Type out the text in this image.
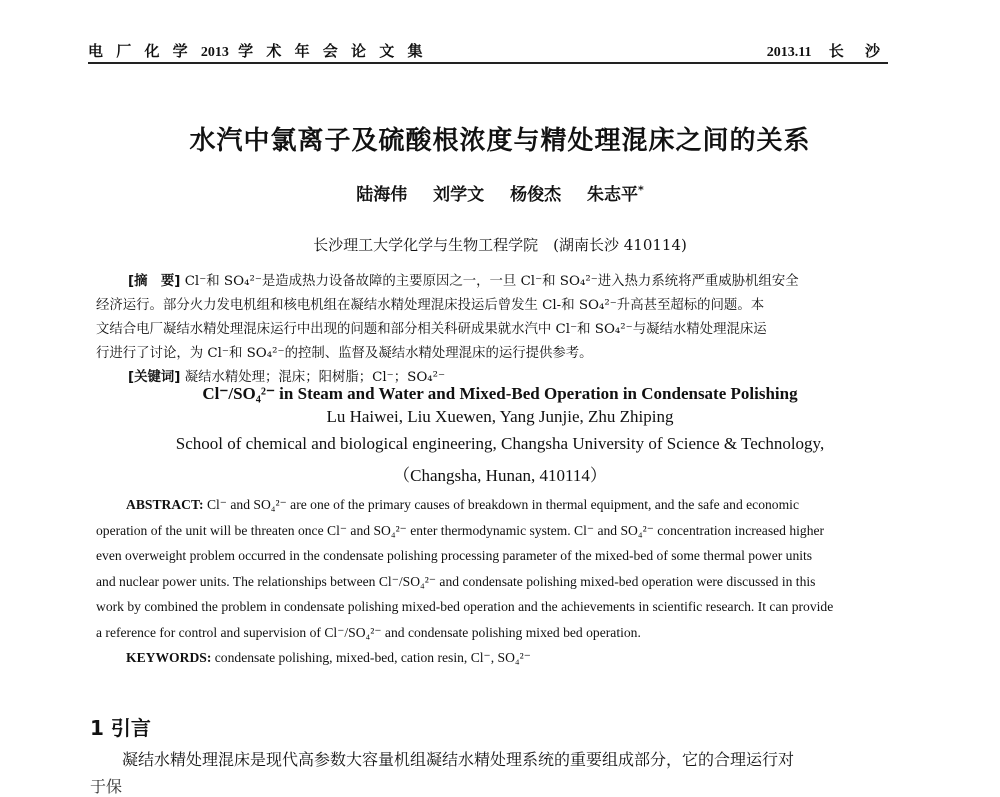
电 厂 化 学 2013 学 术 年 会 论 文 集	2013.11 长 沙
水汽中氯离子及硫酸根浓度与精处理混床之间的关系
陆海伟 刘学文 杨俊杰 朱志平*
长沙理工大学化学与生物工程学院　(湖南长沙 410114)

[摘　要] Cl⁻和 SO₄²⁻是造成热力设备故障的主要原因之一，一旦 Cl⁻和 SO₄²⁻进入热力系统将严重威胁机组安全

经济运行。部分火力发电机组和核电机组在凝结水精处理混床投运后曾发生 Cl-和 SO₄²⁻升高甚至超标的问题。本

文结合电厂凝结水精处理混床运行中出现的问题和部分相关科研成果就水汽中 Cl⁻和 SO₄²⁻与凝结水精处理混床运

行进行了讨论，为 Cl⁻和 SO₄²⁻的控制、监督及凝结水精处理混床的运行提供参考。

[关键词] 凝结水精处理；混床；阳树脂；Cl⁻；SO₄²⁻

Cl⁻/SO₄²⁻ in Steam and Water and Mixed-Bed Operation in Condensate Polishing
Lu Haiwei, Liu Xuewen, Yang Junjie, Zhu Zhiping
School of chemical and biological engineering, Changsha University of Science & Technology,
（Changsha, Hunan, 410114）

ABSTRACT: Cl⁻ and SO₄²⁻ are one of the primary causes of breakdown in thermal equipment, and the safe and economic

operation of the unit will be threaten once Cl⁻ and SO₄²⁻ enter thermodynamic system. Cl⁻ and SO₄²⁻ concentration increased higher

even overweight problem occurred in the condensate polishing processing parameter of the mixed-bed of some thermal power units

and nuclear power units. The relationships between Cl⁻/SO₄²⁻ and condensate polishing mixed-bed operation were discussed in this

work by combined the problem in condensate polishing mixed-bed operation and the achievements in scientific research. It can provide

a reference for control and supervision of Cl⁻/SO₄²⁻ and condensate polishing mixed bed operation.

KEYWORDS: condensate polishing, mixed-bed, cation resin, Cl⁻, SO₄²⁻

1 引言

凝结水精处理混床是现代高参数大容量机组凝结水精处理系统的重要组成部分，它的合理运行对

于保
